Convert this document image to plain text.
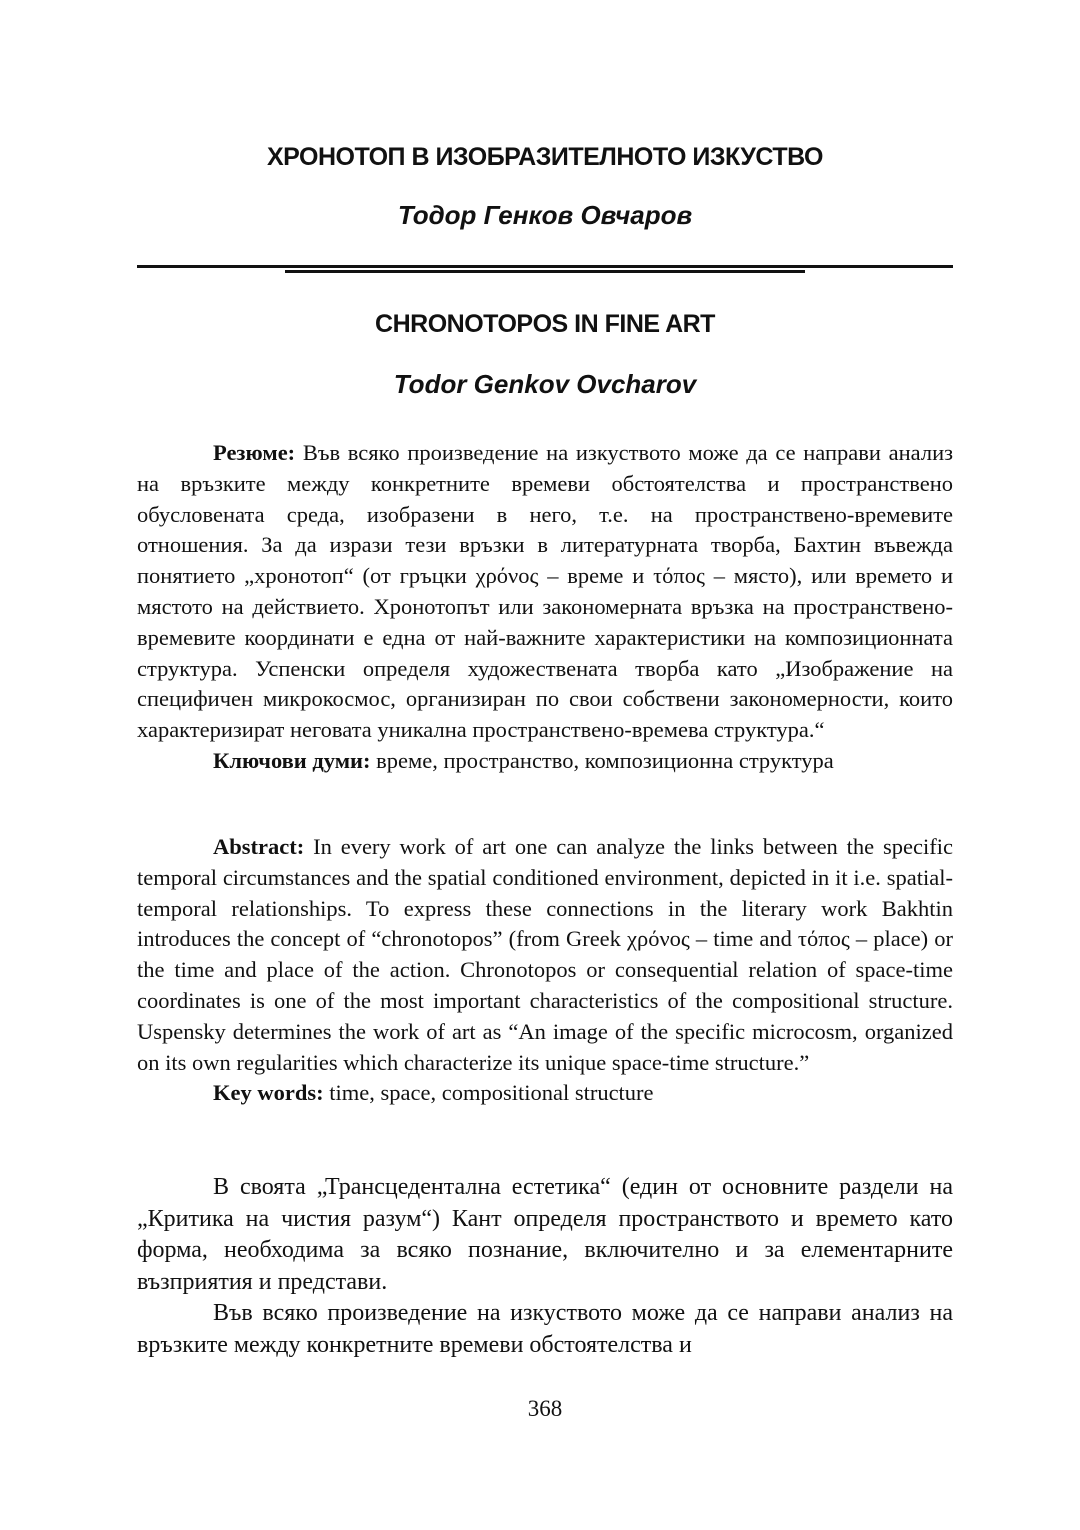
ХРОНОТОП В ИЗОБРАЗИТЕЛНОТО ИЗКУСТВО
Тодор Генков Овчаров
CHRONOTOPOS IN FINE ART
Todor Genkov Ovcharov

Резюме: Във всяко произведение на изкуството може да се направи анализ на връзките между конкретните времеви обстоятелства и пространствено обусловената среда, изобразени в него, т.е. на пространствено-времевите отношения. За да изрази тези връзки в литературната творба, Бахтин въвежда понятието „хронотоп“ (от гръцки χρόνος – време и τόπος – място), или времето и мястото на действието. Хронотопът или закономерната връзка на пространствено-времевите координати е една от най-важните характеристики на композиционната структура. Успенски определя художествената творба като „Изображение на специфичен микрокосмос, организиран по свои собствени закономерности, които характеризират неговата уникална пространствено-времева структура.“

Ключови думи: време, пространство, композиционна структура

Abstract: In every work of art one can analyze the links between the specific temporal circumstances and the spatial conditioned environment, depicted in it i.e. spatial-temporal relationships. To express these connections in the literary work Bakhtin introduces the concept of “chronotopos” (from Greek χρόνος – time and τόπος – place) or the time and place of the action. Chronotopos or consequential relation of space-time coordinates is one of the most important characteristics of the compositional structure. Uspensky determines the work of art as “An image of the specific microcosm, organized on its own regularities which characterize its unique space-time structure.”

Key words: time, space, compositional structure

В своята „Трансцедентална естетика“ (един от основните раздели на „Критика на чистия разум“) Кант определя пространството и времето като форма, необходима за всяко познание, включително и за елементарните възприятия и представи.

Във всяко произведение на изкуството може да се направи анализ на връзките между конкретните времеви обстоятелства и

368
